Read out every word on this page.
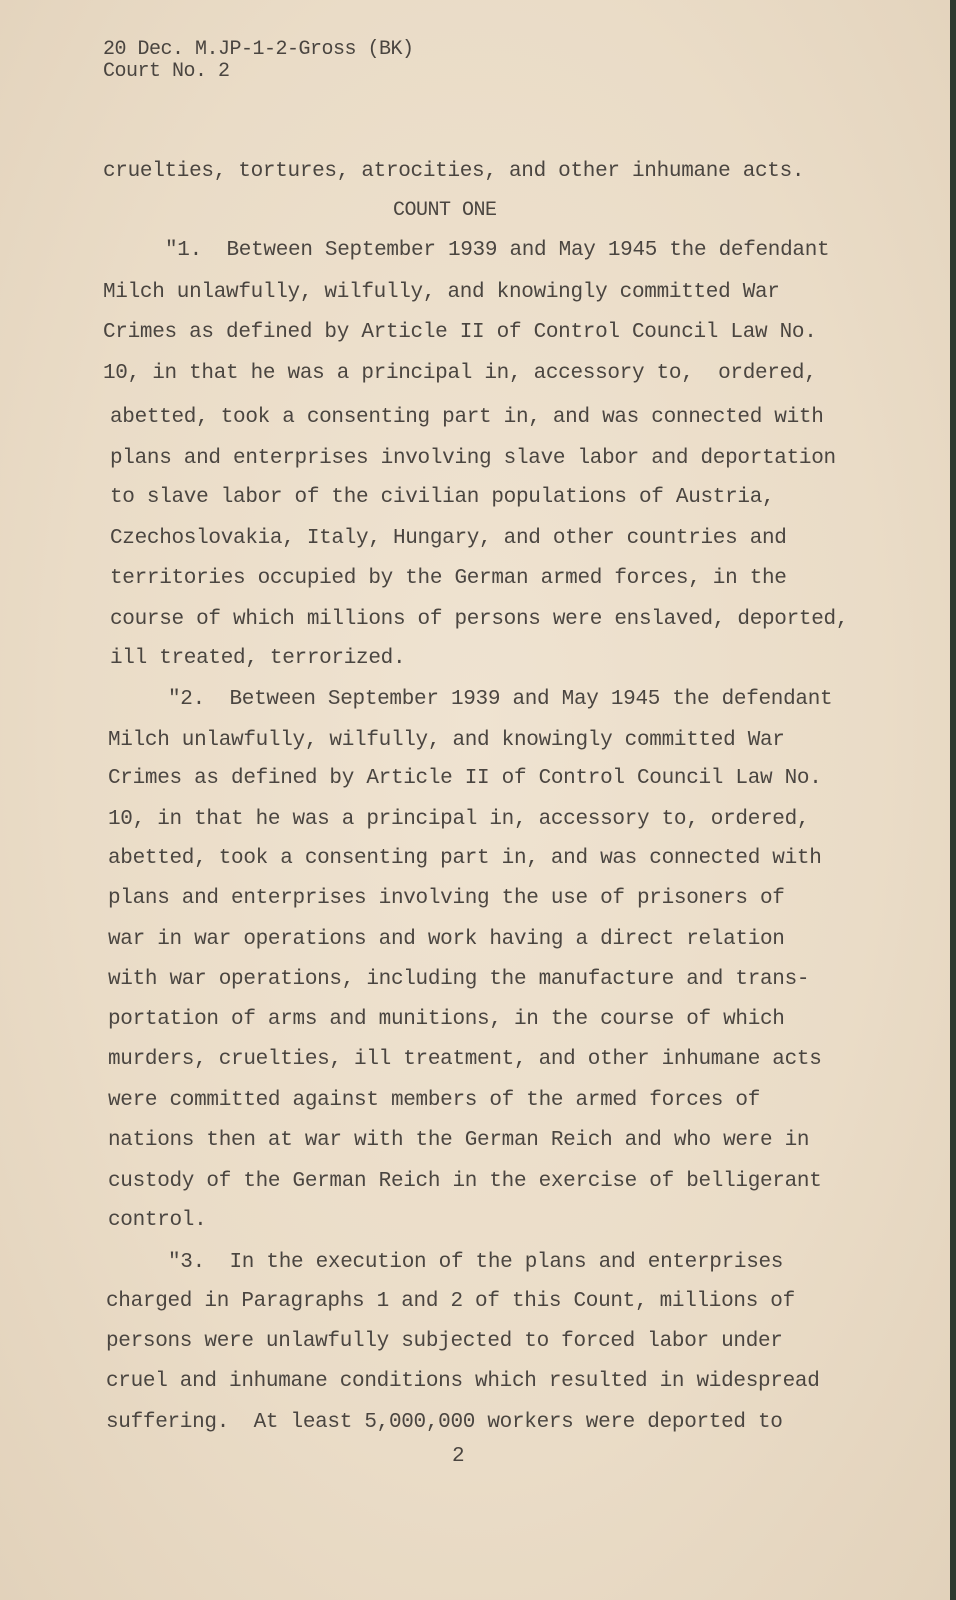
20 Dec. M.JP-1-2-Gross (BK)
Court No. 2
cruelties, tortures, atrocities, and other inhumane acts.
COUNT ONE
"1.  Between September 1939 and May 1945 the defendant
Milch unlawfully, wilfully, and knowingly committed War
Crimes as defined by Article II of Control Council Law No.
10, in that he was a principal in, accessory to,  ordered,
abetted, took a consenting part in, and was connected with
plans and enterprises involving slave labor and deportation
to slave labor of the civilian populations of Austria,
Czechoslovakia, Italy, Hungary, and other countries and
territories occupied by the German armed forces, in the
course of which millions of persons were enslaved, deported,
ill treated, terrorized.
"2.  Between September 1939 and May 1945 the defendant
Milch unlawfully, wilfully, and knowingly committed War
Crimes as defined by Article II of Control Council Law No.
10, in that he was a principal in, accessory to, ordered,
abetted, took a consenting part in, and was connected with
plans and enterprises involving the use of prisoners of
war in war operations and work having a direct relation
with war operations, including the manufacture and trans-
portation of arms and munitions, in the course of which
murders, cruelties, ill treatment, and other inhumane acts
were committed against members of the armed forces of
nations then at war with the German Reich and who were in
custody of the German Reich in the exercise of belligerant
control.
"3.  In the execution of the plans and enterprises
charged in Paragraphs 1 and 2 of this Count, millions of
persons were unlawfully subjected to forced labor under
cruel and inhumane conditions which resulted in widespread
suffering.  At least 5,000,000 workers were deported to
2
